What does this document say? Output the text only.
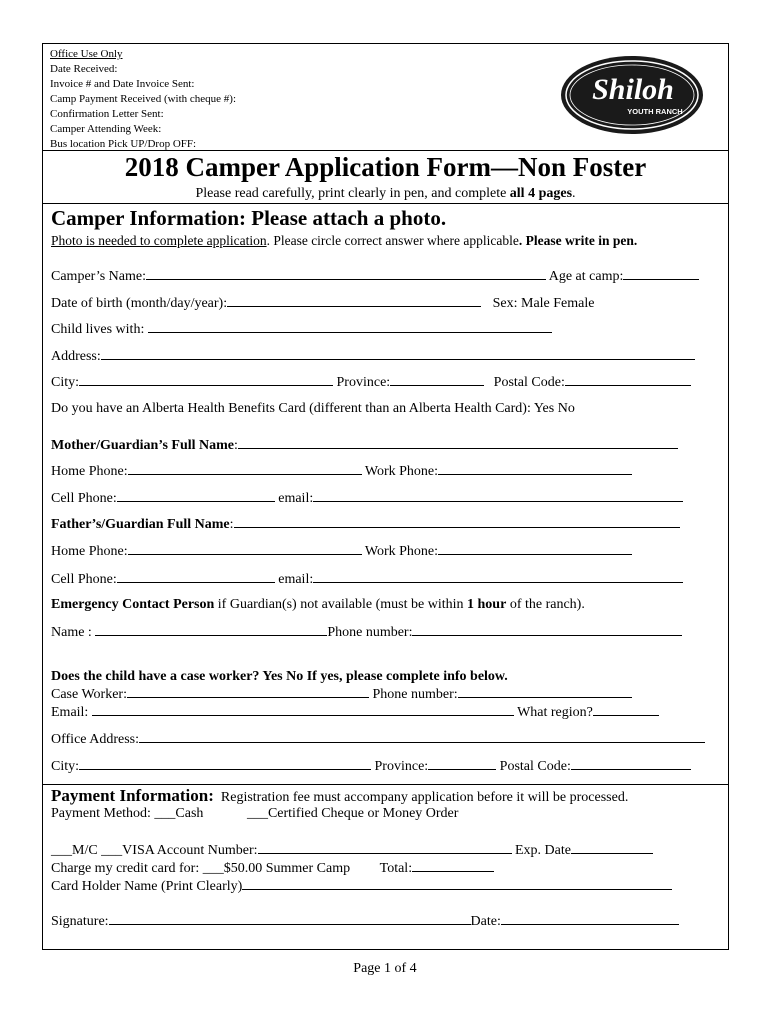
Office Use Only
Date Received:
Invoice # and Date Invoice Sent:
Camp Payment Received (with cheque #):
Confirmation Letter Sent:
Camper Attending Week:
Bus location Pick UP/Drop OFF:
Shiloh
YOUTH RANCH
2018 Camper Application Form—Non Foster
Please read carefully, print clearly in pen, and complete all 4 pages.
Camper Information: Please attach a photo.
Photo is needed to complete application. Please circle correct answer where applicable. Please write in pen.
Camper’s Name:	Age at camp:
Date of birth (month/day/year):	Sex: Male Female
Child lives with:
Address:
City:	Province:	Postal Code:
Do you have an Alberta Health Benefits Card (different than an Alberta Health Card): Yes No
Mother/Guardian’s Full Name:
Home Phone:	Work Phone:
Cell Phone:	email:
Father’s/Guardian Full Name:
Home Phone:	Work Phone:
Cell Phone:	email:
Emergency Contact Person if Guardian(s) not available (must be within 1 hour of the ranch).
Name :	Phone number:
Does the child have a case worker? Yes No If yes, please complete info below.
Case Worker:	Phone number:
Email:	What region?
Office Address:
City:	Province:	Postal Code:
Payment Information: Registration fee must accompany application before it will be processed.
Payment Method: ___Cash	___Certified Cheque or Money Order
___M/C ___VISA Account Number:	Exp. Date
Charge my credit card for: ___$50.00 Summer Camp Total:
Card Holder Name (Print Clearly)
Signature:	Date:
Page 1 of 4
